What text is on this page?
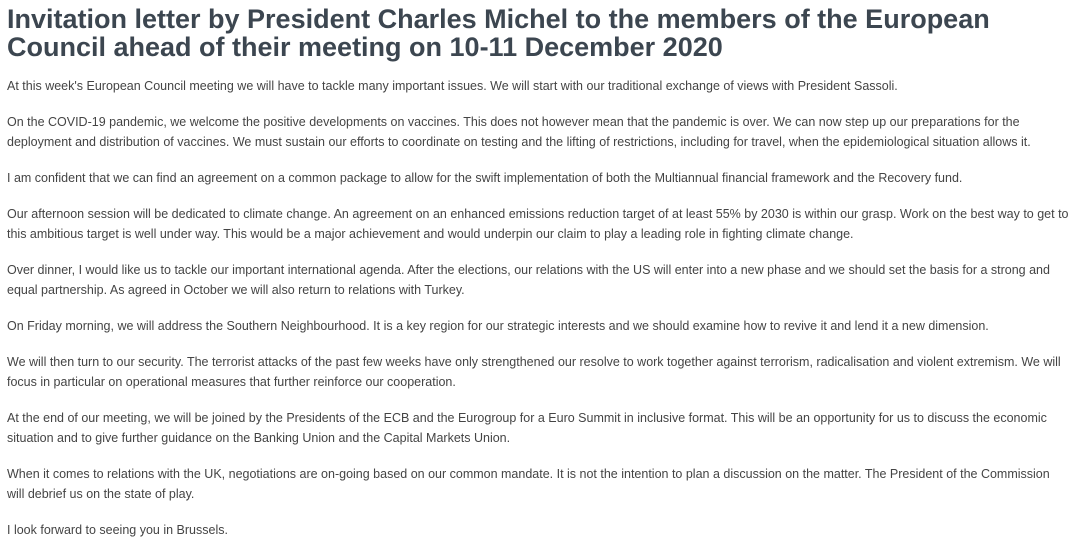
Invitation letter by President Charles Michel to the members of the European
Council ahead of their meeting on 10-11 December 2020

At this week's European Council meeting we will have to tackle many important issues. We will start with our traditional exchange of views with President Sassoli.

On the COVID-19 pandemic, we welcome the positive developments on vaccines. This does not however mean that the pandemic is over. We can now step up our preparations for the
deployment and distribution of vaccines. We must sustain our efforts to coordinate on testing and the lifting of restrictions, including for travel, when the epidemiological situation allows it.

I am confident that we can find an agreement on a common package to allow for the swift implementation of both the Multiannual financial framework and the Recovery fund.

Our afternoon session will be dedicated to climate change. An agreement on an enhanced emissions reduction target of at least 55% by 2030 is within our grasp. Work on the best way to get to
this ambitious target is well under way. This would be a major achievement and would underpin our claim to play a leading role in fighting climate change.

Over dinner, I would like us to tackle our important international agenda. After the elections, our relations with the US will enter into a new phase and we should set the basis for a strong and
equal partnership. As agreed in October we will also return to relations with Turkey.

On Friday morning, we will address the Southern Neighbourhood. It is a key region for our strategic interests and we should examine how to revive it and lend it a new dimension.

We will then turn to our security. The terrorist attacks of the past few weeks have only strengthened our resolve to work together against terrorism, radicalisation and violent extremism. We will
focus in particular on operational measures that further reinforce our cooperation.

At the end of our meeting, we will be joined by the Presidents of the ECB and the Eurogroup for a Euro Summit in inclusive format. This will be an opportunity for us to discuss the economic
situation and to give further guidance on the Banking Union and the Capital Markets Union.

When it comes to relations with the UK, negotiations are on-going based on our common mandate. It is not the intention to plan a discussion on the matter. The President of the Commission
will debrief us on the state of play.

I look forward to seeing you in Brussels.
